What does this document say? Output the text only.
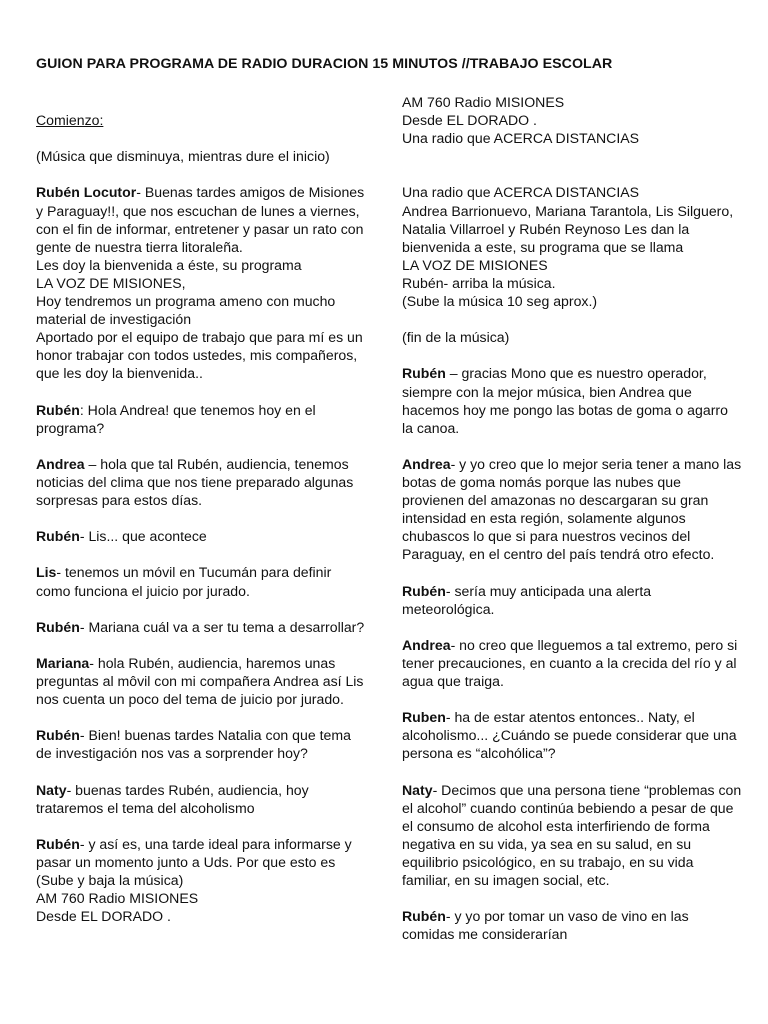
GUION PARA PROGRAMA DE RADIO DURACION 15 MINUTOS //TRABAJO ESCOLAR

Comienzo:

(Música que disminuya, mientras dure el inicio)

Rubén Locutor- Buenas tardes amigos de Misiones y Paraguay!!, que nos escuchan de lunes a viernes, con el fin de informar, entretener y pasar un rato con gente de nuestra tierra litoraleña.
Les doy la bienvenida a éste, su programa
LA VOZ DE MISIONES,
Hoy tendremos un programa ameno con mucho material de investigación
Aportado por el equipo de trabajo que para mí es un honor trabajar con todos ustedes, mis compañeros, que les doy la bienvenida..

Rubén: Hola Andrea! que tenemos hoy en el programa?

Andrea – hola que tal Rubén, audiencia, tenemos noticias del clima que nos tiene preparado algunas sorpresas para estos días.

Rubén- Lis... que acontece

Lis- tenemos un móvil en Tucumán para definir como funciona el juicio por jurado.

Rubén- Mariana cuál va a ser tu tema a desarrollar?

Mariana- hola Rubén, audiencia, haremos unas preguntas al môvil con mi compañera Andrea así Lis nos cuenta un poco del tema de juicio por jurado.

Rubén- Bien! buenas tardes Natalia con que tema de investigación nos vas a sorprender hoy?

Naty- buenas tardes Rubén, audiencia, hoy trataremos el tema del alcoholismo

Rubén- y así es, una tarde ideal para informarse y pasar un momento junto a Uds. Por que esto es
(Sube y baja la música)
AM 760 Radio MISIONES
Desde EL DORADO .

AM 760 Radio MISIONES
Desde EL DORADO .
Una radio que ACERCA DISTANCIAS

Una radio que ACERCA DISTANCIAS
Andrea Barrionuevo, Mariana Tarantola, Lis Silguero, Natalia Villarroel y Rubén Reynoso Les dan la bienvenida a este, su programa que se llama
LA VOZ DE MISIONES
Rubén- arriba la música.
(Sube la música 10 seg aprox.)

(fin de la música)

Rubén – gracias Mono que es nuestro operador, siempre con la mejor música, bien Andrea que hacemos hoy me pongo las botas de goma o agarro la canoa.

Andrea- y yo creo que lo mejor seria tener a mano las botas de goma nomás porque las nubes que provienen del amazonas no descargaran su gran intensidad en esta región, solamente algunos chubascos lo que si para nuestros vecinos del Paraguay, en el centro del país tendrá otro efecto.

Rubén- sería muy anticipada una alerta meteorológica.

Andrea- no creo que lleguemos a tal extremo, pero si tener precauciones, en cuanto a la crecida del río y al agua que traiga.

Ruben- ha de estar atentos entonces.. Naty, el alcoholismo... ¿Cuándo se puede considerar que una persona es “alcohólica”?

Naty- Decimos que una persona tiene “problemas con el alcohol” cuando continúa bebiendo a pesar de que el consumo de alcohol esta interfiriendo de forma negativa en su vida, ya sea en su salud, en su equilibrio psicológico, en su trabajo, en su vida familiar, en su imagen social, etc.

Rubén- y yo por tomar un vaso de vino en las comidas me considerarían
